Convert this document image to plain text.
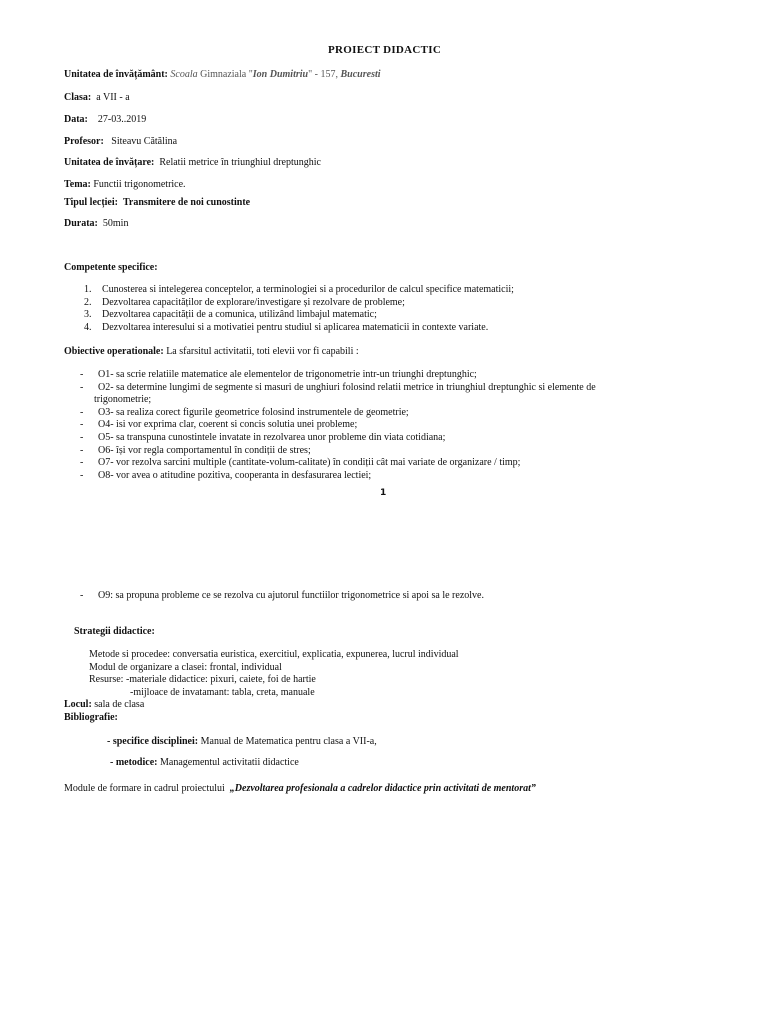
PROIECT DIDACTIC
Unitatea de învățământ: Scoala Gimnaziala "Ion Dumitriu" - 157, Bucuresti
Clasa: a VII - a
Data: 27-03..2019
Profesor: Siteavu Cătălina
Unitatea de învățare: Relatii metrice în triunghiul dreptunghic
Tema: Functii trigonometrice.
Tipul lecției: Transmitere de noi cunostinte
Durata: 50min
Competente specifice:
1. Cunosterea si intelegerea conceptelor, a terminologiei si a procedurilor de calcul specifice matematicii;
2. Dezvoltarea capacităților de explorare/investigare și rezolvare de probleme;
3. Dezvoltarea capacității de a comunica, utilizând limbajul matematic;
4. Dezvoltarea interesului si a motivatiei pentru studiul si aplicarea matematicii in contexte variate.
Obiective operationale: La sfarsitul activitatii, toti elevii vor fi capabili :
- O1- sa scrie relatiile matematice ale elementelor de trigonometrie intr-un triunghi dreptunghic;
- O2- sa determine lungimi de segmente si masuri de unghiuri folosind relatii metrice in triunghiul dreptunghic si elemente de
trigonometrie;
- O3- sa realiza corect figurile geometrice folosind instrumentele de geometrie;
- O4- isi vor exprima clar, coerent si concis solutia unei probleme;
- O5- sa transpuna cunostintele invatate in rezolvarea unor probleme din viata cotidiana;
- O6- își vor regla comportamentul în condiții de stres;
- O7- vor rezolva sarcini multiple (cantitate-volum-calitate) în condiții cât mai variate de organizare / timp;
- O8- vor avea o atitudine pozitiva, cooperanta in desfasurarea lectiei;
1
- O9: sa propuna probleme ce se rezolva cu ajutorul functiilor trigonometrice si apoi sa le rezolve.
Strategii didactice:
Metode si procedee: conversatia euristica, exercitiul, explicatia, expunerea, lucrul individual
Modul de organizare a clasei: frontal, individual
Resurse: -materiale didactice: pixuri, caiete, foi de hartie
-mijloace de invatamant: tabla, creta, manuale
Locul: sala de clasa
Bibliografie:
- specifice disciplinei: Manual de Matematica pentru clasa a VII-a,
- metodice: Managementul activitatii didactice
Module de formare in cadrul proiectului „Dezvoltarea profesionala a cadrelor didactice prin activitati de mentorat”
